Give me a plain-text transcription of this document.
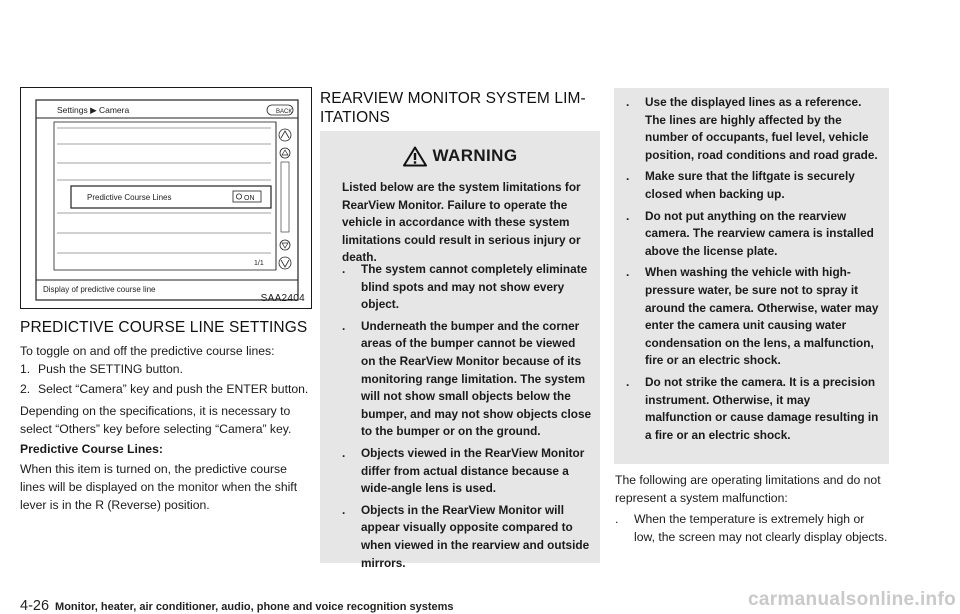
Settings ▶ Camera	BACK
Predictive Course Lines	ON
1/1
Display of predictive course line
SAA2404
PREDICTIVE COURSE LINE SETTINGS

To toggle on and off the predictive course lines:

1. Push the SETTING button.
2. Select “Camera” key and push the ENTER button.

Depending on the specifications, it is necessary to select “Others” key before selecting “Camera” key.

Predictive Course Lines:

When this item is turned on, the predictive course lines will be displayed on the monitor when the shift lever is in the R (Reverse) position.

REARVIEW MONITOR SYSTEM LIM-
ITATIONS
WARNING
Listed below are the system limitations for RearView Monitor. Failure to operate the vehicle in accordance with these system limitations could result in serious injury or death.
. The system cannot completely eliminate blind spots and may not show every object.
. Underneath the bumper and the corner areas of the bumper cannot be viewed on the RearView Monitor because of its monitoring range limitation. The system will not show small objects below the bumper, and may not show objects close to the bumper or on the ground.
. Objects viewed in the RearView Monitor differ from actual distance because a wide-angle lens is used.
. Objects in the RearView Monitor will appear visually opposite compared to when viewed in the rearview and outside mirrors.
. Use the displayed lines as a reference. The lines are highly affected by the number of occupants, fuel level, vehicle position, road conditions and road grade.
. Make sure that the liftgate is securely closed when backing up.
. Do not put anything on the rearview camera. The rearview camera is installed above the license plate.
. When washing the vehicle with high-pressure water, be sure not to spray it around the camera. Otherwise, water may enter the camera unit causing water condensation on the lens, a malfunction, fire or an electric shock.
. Do not strike the camera. It is a precision instrument. Otherwise, it may malfunction or cause damage resulting in a fire or an electric shock.

The following are operating limitations and do not represent a system malfunction:

. When the temperature is extremely high or low, the screen may not clearly display objects.
4-26 Monitor, heater, air conditioner, audio, phone and voice recognition systems	carmanualsonline.info
